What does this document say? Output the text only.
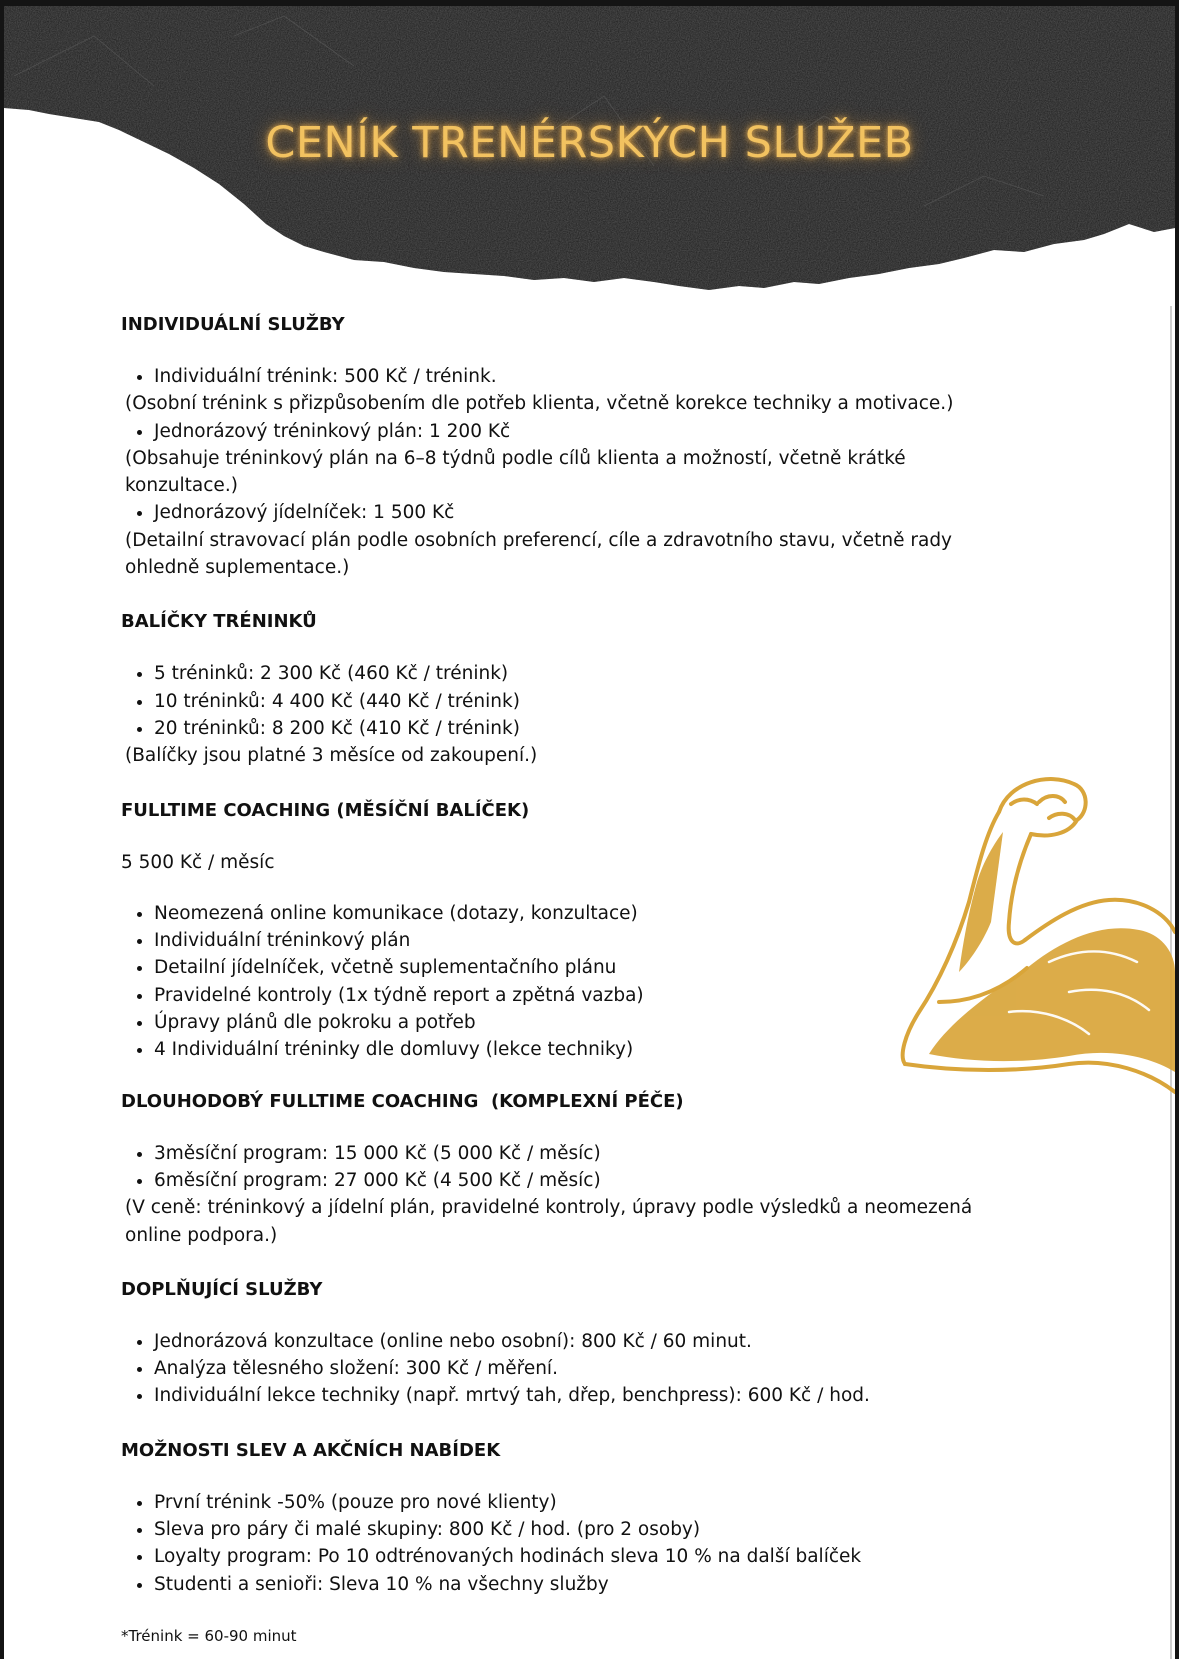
CENÍK TRENÉRSKÝCH SLUŽEB
INDIVIDUÁLNÍ SLUŽBY
• Individuální trénink: 500 Kč / trénink.

(Osobní trénink s přizpůsobením dle potřeb klienta, včetně korekce techniky a motivace.)

• Jednorázový tréninkový plán: 1 200 Kč

(Obsahuje tréninkový plán na 6–8 týdnů podle cílů klienta a možností, včetně krátké konzultace.)

• Jednorázový jídelníček: 1 500 Kč

(Detailní stravovací plán podle osobních preferencí, cíle a zdravotního stavu, včetně rady ohledně suplementace.)

BALÍČKY TRÉNINKŮ
• 5 tréninků: 2 300 Kč (460 Kč / trénink)
• 10 tréninků: 4 400 Kč (440 Kč / trénink)
• 20 tréninků: 8 200 Kč (410 Kč / trénink)

(Balíčky jsou platné 3 měsíce od zakoupení.)

FULLTIME COACHING (MĚSÍČNÍ BALÍČEK)

5 500 Kč / měsíc

• Neomezená online komunikace (dotazy, konzultace)
• Individuální tréninkový plán
• Detailní jídelníček, včetně suplementačního plánu
• Pravidelné kontroly (1x týdně report a zpětná vazba)
• Úpravy plánů dle pokroku a potřeb
• 4 Individuální tréninky dle domluvy (lekce techniky)
DLOUHODOBÝ FULLTIME COACHING  (KOMPLEXNÍ PÉČE)
• 3měsíční program: 15 000 Kč (5 000 Kč / měsíc)
• 6měsíční program: 27 000 Kč (4 500 Kč / měsíc)

(V ceně: tréninkový a jídelní plán, pravidelné kontroly, úpravy podle výsledků a neomezená online podpora.)

DOPLŇUJÍCÍ SLUŽBY
• Jednorázová konzultace (online nebo osobní): 800 Kč / 60 minut.
• Analýza tělesného složení: 300 Kč / měření.
• Individuální lekce techniky (např. mrtvý tah, dřep, benchpress): 600 Kč / hod.
MOŽNOSTI SLEV A AKČNÍCH NABÍDEK
• První trénink -50% (pouze pro nové klienty)
• Sleva pro páry či malé skupiny: 800 Kč / hod. (pro 2 osoby)
• Loyalty program: Po 10 odtrénovaných hodinách sleva 10 % na další balíček
• Studenti a senioři: Sleva 10 % na všechny služby
*Trénink = 60-90 minut
